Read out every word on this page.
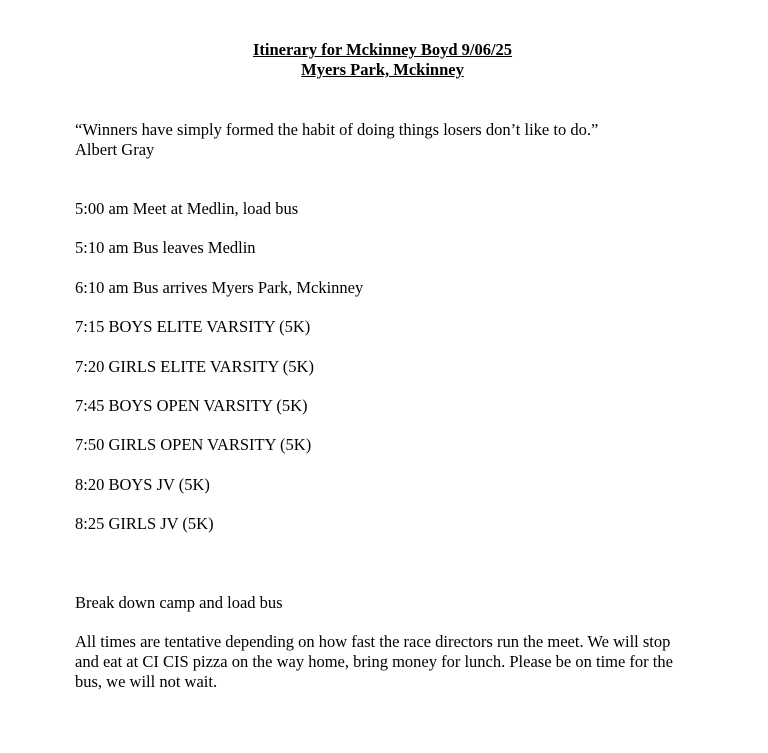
Itinerary for Mckinney Boyd 9/06/25
Myers Park, Mckinney
“Winners have simply formed the habit of doing things losers don’t like to do.”
Albert Gray
5:00 am Meet at Medlin, load bus
5:10 am Bus leaves Medlin
6:10 am Bus arrives Myers Park, Mckinney
7:15 BOYS ELITE VARSITY (5K)
7:20 GIRLS ELITE VARSITY (5K)
7:45 BOYS OPEN VARSITY (5K)
7:50 GIRLS OPEN VARSITY (5K)
8:20 BOYS JV (5K)
8:25 GIRLS JV (5K)
Break down camp and load bus
All times are tentative depending on how fast the race directors run the meet. We will stop and eat at CI CIS pizza on the way home, bring money for lunch. Please be on time for the bus, we will not wait.
